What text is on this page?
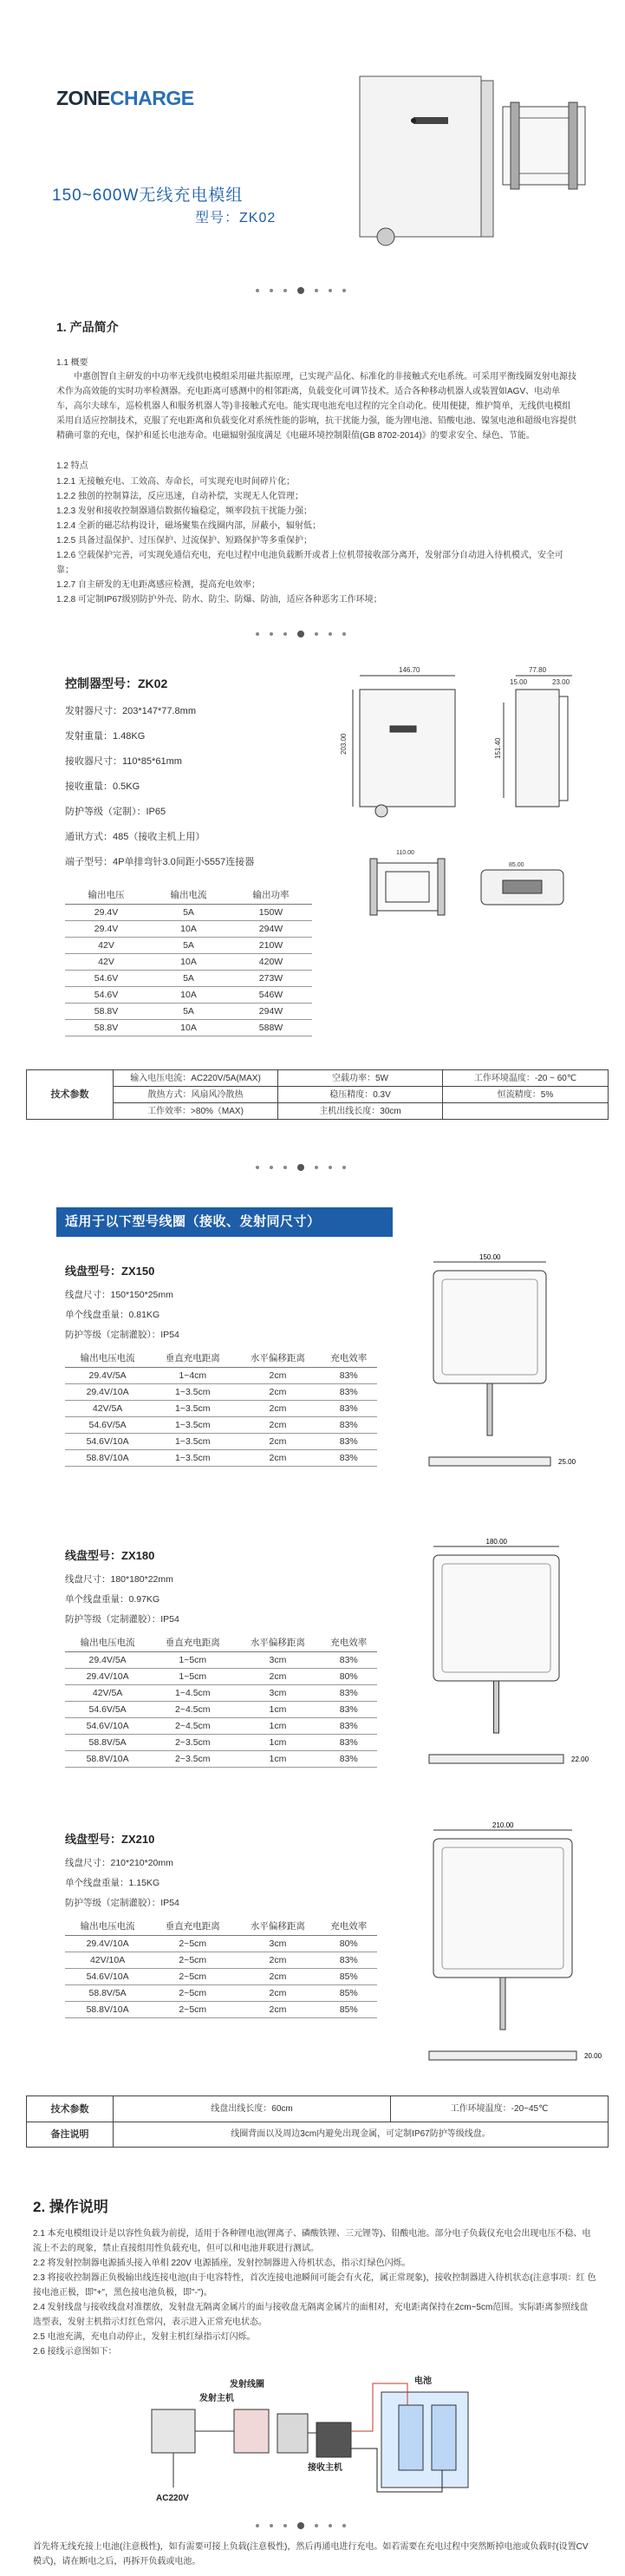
ZONECHARGE
150~600W无线充电模组
型号：ZK02
1. 产品简介
1.1 概要
中惠创智自主研发的中功率无线供电模组采用磁共振原理，已实现产品化、标准化的非接触式充电系统。可采用平衡线圈发射电源技术作为高效能的实时功率检测器。充电距离可感测中的相邻距离，负载变化可调节技术。适合各种移动机器人或装置如AGV、电动单车，高尔夫球车，巡检机器人和服务机器人等)非接触式充电。能实现电池充电过程的完全自动化。使用便捷，维护简单，无线供电模组采用自适应控制技术，克服了充电距离和负载变化对系统性能的影响，抗干扰能力强，能为锂电池、铅酸电池、镍氢电池和超级电容提供精确可靠的充电，保护和延长电池寿命。电磁辐射强度满足《电磁环境控制限值(GB 8702-2014)》的要求安全、绿色、节能。
1.2 特点
1.2.1 无接触充电、工效高、寿命长，可实现充电时间碎片化；
1.2.2 独创的控制算法，反应迅速，自动补偿，实现无人化管理；
1.2.3 发射和接收控制器通信数据传输稳定，频率段抗干扰能力强；
1.2.4 全新的磁芯结构设计，磁场聚集在线圈内部，屏蔽小，辐射低；
1.2.5 具备过温保护、过压保护、过流保护、短路保护等多重保护；
1.2.6 空载保护完善，可实现免通信充电，充电过程中电池负载断开或者上位机带接收部分离开，发射部分自动进入待机模式，安全可靠；
1.2.7 自主研发的无电距离感应检测，提高充电效率；
1.2.8 可定制IP67级别防护外壳、防水、防尘、防爆、防油，适应各种恶劣工作环境；
控制器型号：ZK02
发射器尺寸：203*147*77.8mm
发射重量：1.48KG
接收器尺寸：110*85*61mm
接收重量：0.5KG
防护等级（定制）：IP65
通讯方式：485（接收主机上用）
端子型号：4P单排弯针3.0间距小5557连接器
输出电压	输出电流	输出功率
29.4V	5A	150W
29.4V	10A	294W
42V	5A	210W
42V	10A	420W
54.6V	5A	273W
54.6V	10A	546W
58.8V	5A	294W
58.8V	10A	588W
146.70	77.80
23.00
15.00
203.00	151.40
110.00
85.00
技术参数
输入电压电流：AC220V/5A(MAX)	空载功率：5W	工作环境温度：-20 ~ 60℃
散热方式：风扇风冷散热	稳压精度：0.3V	恒流精度：5%
工作效率：>80%（MAX)	主机出线长度：30cm
适用于以下型号线圈（接收、发射同尺寸）
线盘型号：ZX150
线盘尺寸：150*150*25mm
单个线盘重量：0.81KG
防护等级（定制灌胶）：IP54
输出电压电流	垂直充电距离	水平偏移距离	充电效率
29.4V/5A	1~4cm	2cm	83%
29.4V/10A	1~3.5cm	2cm	83%
42V/5A	1~3.5cm	2cm	83%
54.6V/5A	1~3.5cm	2cm	83%
54.6V/10A	1~3.5cm	2cm	83%
58.8V/10A	1~3.5cm	2cm	83%
150.00
25.00
线盘型号：ZX180
线盘尺寸：180*180*22mm
单个线盘重量：0.97KG
防护等级（定制灌胶）：IP54
输出电压电流	垂直充电距离	水平偏移距离	充电效率
29.4V/5A	1~5cm	3cm	83%
29.4V/10A	1~5cm	2cm	80%
42V/5A	1~4.5cm	3cm	83%
54.6V/5A	2~4.5cm	1cm	83%
54.6V/10A	2~4.5cm	1cm	83%
58.8V/5A	2~3.5cm	1cm	83%
58.8V/10A	2~3.5cm	1cm	83%
180.00
22.00
线盘型号：ZX210
线盘尺寸：210*210*20mm
单个线盘重量：1.15KG
防护等级（定制灌胶）：IP54
输出电压电流	垂直充电距离	水平偏移距离	充电效率
29.4V/10A	2~5cm	3cm	80%
42V/10A	2~5cm	2cm	83%
54.6V/10A	2~5cm	2cm	85%
58.8V/5A	2~5cm	2cm	85%
58.8V/10A	2~5cm	2cm	85%
210.00
20.00
技术参数	线盘出线长度：60cm	工作环境温度：-20~45℃
备注说明	线圈背面以及周边3cm内避免出现金属，可定制IP67防护等级线盘。
2. 操作说明
2.1 本充电模组设计是以容性负载为前提，适用于各种锂电池(锂离子、磷酸铁锂、三元锂等)、铅酸电池。部分电子负载仪充电会出现电压不稳、电流上不去的现象，禁止直接组用性负载充电，但可以和电池并联进行测试。
2.2 将发射控制器电源插头接入单相 220V 电源插座，发射控制器进入待机状态，指示灯绿色闪烁。
2.3 将接收控制器正负极输出线连接电池(由于电容特性，首次连接电池瞬间可能会有火花，属正常现象)，接收控制器进入待机状态(注意事项：红 色接电池正极，即"+"，黑色接电池负极，即"-")。
2.4 发射线盘与接收线盘对准摆放，发射盘无隔离金属片的面与接收盘无隔离金属片的面相对，充电距离保持在2cm~5cm范围。实际距离参照线盘选型表，发射主机指示灯红色常闪，表示进入正常充电状态。
2.5 电池充满，充电自动停止，发射主机红绿指示灯闪烁。
2.6 接线示意图如下：
发射主机
发射线圈
接收主机
电池
AC220V
首先将无线充接上电池(注意极性)，如有需要可接上负载(注意极性)，然后再通电进行充电。如若需要在充电过程中突然断掉电池或负载时(设置CV模式)，请在断电之后，再拆开负载或电池。
